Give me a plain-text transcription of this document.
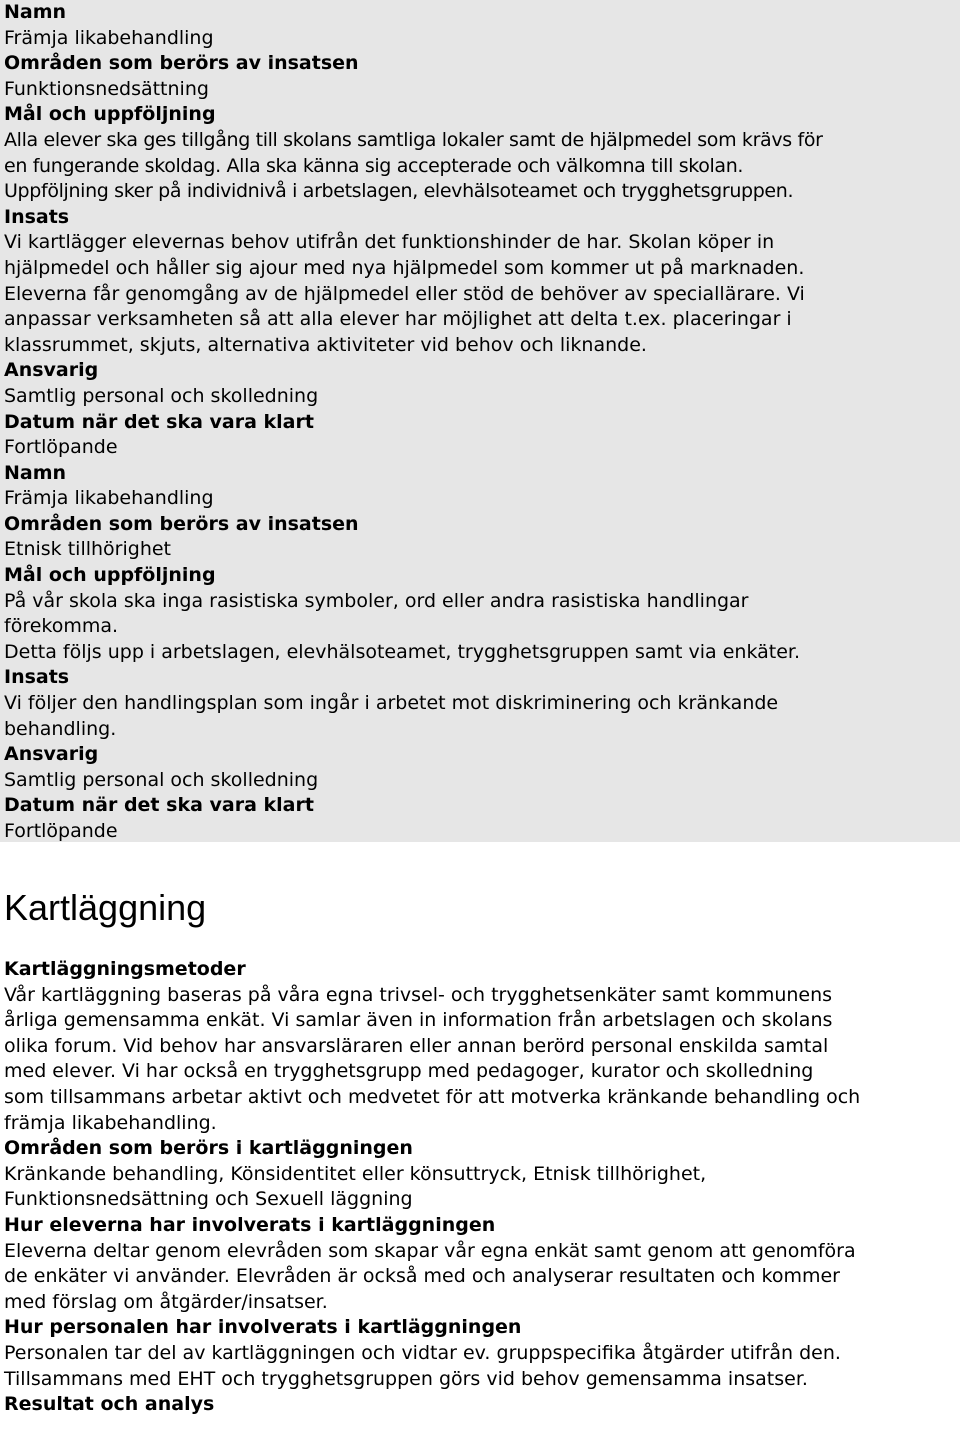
Namn

Främja likabehandling

Områden som berörs av insatsen

Funktionsnedsättning

Mål och uppföljning

Alla elever ska ges tillgång till skolans samtliga lokaler samt de hjälpmedel som krävs för

en fungerande skoldag. Alla ska känna sig accepterade och välkomna till skolan.

Uppföljning sker på individnivå i arbetslagen, elevhälsoteamet och trygghetsgruppen.

Insats

Vi kartlägger elevernas behov utifrån det funktionshinder de har. Skolan köper in

hjälpmedel och håller sig ajour med nya hjälpmedel som kommer ut på marknaden.

Eleverna får genomgång av de hjälpmedel eller stöd de behöver av speciallärare. Vi

anpassar verksamheten så att alla elever har möjlighet att delta t.ex. placeringar i

klassrummet, skjuts, alternativa aktiviteter vid behov och liknande.

Ansvarig

Samtlig personal och skolledning

Datum när det ska vara klart

Fortlöpande

Namn

Främja likabehandling

Områden som berörs av insatsen

Etnisk tillhörighet

Mål och uppföljning

På vår skola ska inga rasistiska symboler, ord eller andra rasistiska handlingar

förekomma.

Detta följs upp i arbetslagen, elevhälsoteamet, trygghetsgruppen samt via enkäter.

Insats

Vi följer den handlingsplan som ingår i arbetet mot diskriminering och kränkande

behandling.

Ansvarig

Samtlig personal och skolledning

Datum när det ska vara klart

Fortlöpande

Kartläggning

Kartläggningsmetoder

Vår kartläggning baseras på våra egna trivsel- och trygghetsenkäter samt kommunens

årliga gemensamma enkät. Vi samlar även in information från arbetslagen och skolans

olika forum. Vid behov har ansvarsläraren eller annan berörd personal enskilda samtal

med elever. Vi har också en trygghetsgrupp med pedagoger, kurator och skolledning

som tillsammans arbetar aktivt och medvetet för att motverka kränkande behandling och

främja likabehandling.

Områden som berörs i kartläggningen

Kränkande behandling, Könsidentitet eller könsuttryck, Etnisk tillhörighet,

Funktionsnedsättning och Sexuell läggning

Hur eleverna har involverats i kartläggningen

Eleverna deltar genom elevråden som skapar vår egna enkät samt genom att genomföra

de enkäter vi använder. Elevråden är också med och analyserar resultaten och kommer

med förslag om åtgärder/insatser.

Hur personalen har involverats i kartläggningen

Personalen tar del av kartläggningen och vidtar ev. gruppspecifika åtgärder utifrån den.

Tillsammans med EHT och trygghetsgruppen görs vid behov gemensamma insatser.

Resultat och analys
